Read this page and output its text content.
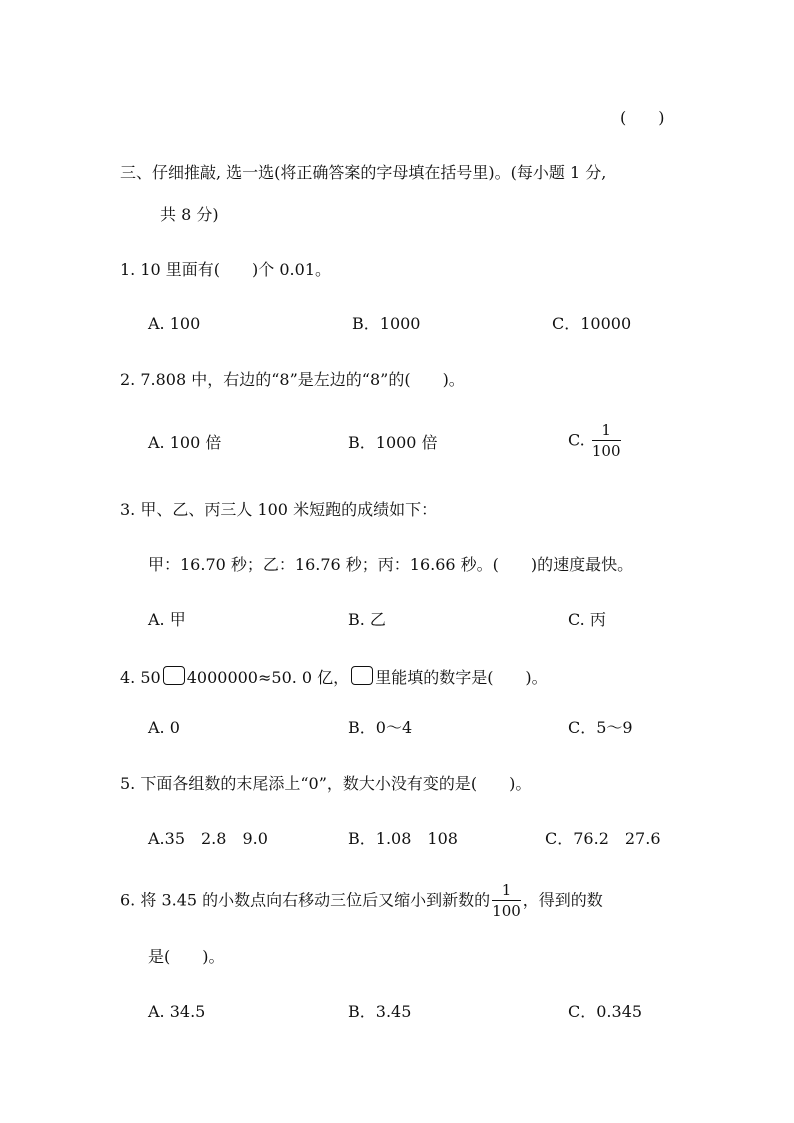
(　　)
三、仔细推敲, 选一选(将正确答案的字母填在括号里)。(每小题 1 分,
共 8 分)
1. 10 里面有(　　)个 0.01。
A. 100	B．1000	C．10000
2. 7.808 中，右边的“8”是左边的“8”的(　　)。
A. 100 倍	B．1000 倍	C. $\frac{1}{100}$
3. 甲、乙、丙三人 100 米短跑的成绩如下：
甲：16.70 秒；乙：16.76 秒；丙：16.66 秒。(　　)的速度最快。
A. 甲	B. 乙	C. 丙
4. 50 4000000≈50. 0 亿， 里能填的数字是(　　)。
A. 0	B．0～4	C．5～9
5. 下面各组数的末尾添上“0”，数大小没有变的是(　　)。
A.35　2.8　9.0	B．1.08　108	C．76.2　27.6
6. 将 3.45 的小数点向右移动三位后又缩小到新数的 $\frac{1}{100}$ ，得到的数
是(　　)。
A. 34.5	B．3.45	C．0.345
